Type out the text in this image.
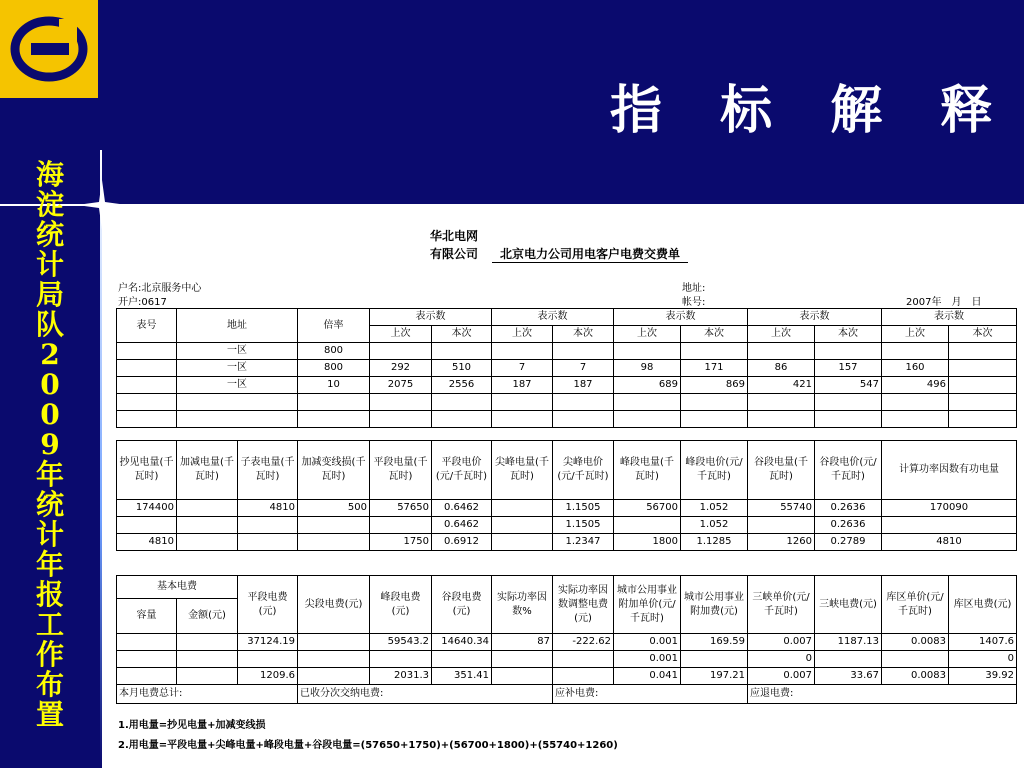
指 标 解 释
海
淀
统
计
局
队
2
0
0
9
年
统
计
年
报
工
作
布
置
华北电网
有限公司	北京电力公司用电客户电费交费单
户名:北京服务中心
开户:0617
地址:
帐号:	2007年　月　日
表号	地址	倍率	表示数		表示数		表示数		表示数		表示数	
			上次	本次	上次	本次	上次	本次	上次	本次	上次	本次
	一区	800										
	一区	800	292	510	7	7	98	171	86	157	160	
	一区	10	2075	2556	187	187	689	869	421	547	496	

抄见电量(千瓦时)	加减电量(千瓦时)	子表电量(千瓦时)	加减变线损(千瓦时)	平段电量(千瓦时)	平段电价(元/千瓦时)	尖峰电量(千瓦时)	尖峰电价(元/千瓦时)	峰段电量(千瓦时)	峰段电价(元/千瓦时)	谷段电量(千瓦时)	谷段电价(元/千瓦时)	计算功率因数有功电量
174400		4810	500	57650	0.6462		1.1505	56700	1.052	55740	0.2636	170090
					0.6462		1.1505		1.052		0.2636	
4810				1750	0.6912		1.2347	1800	1.1285	1260	0.2789	4810
基本电费		平段电费(元)	尖段电费(元)	峰段电费(元)	谷段电费(元)	实际功率因数%	实际功率因数调整电费(元)	城市公用事业附加单价(元/千瓦时)	城市公用事业附加费(元)	三峡单价(元/千瓦时)	三峡电费(元)	库区单价(元/千瓦时)	库区电费(元)
容量	金额(元)												
		37124.19		59543.2	14640.34	87	-222.62	0.001	169.59	0.007	1187.13	0.0083	1407.6
								0.001		0			0
		1209.6		2031.3	351.41			0.041	197.21	0.007	33.67	0.0083	39.92
本月电费总计:			已收分次交纳电费:				应补电费:			应退电费:			
1.用电量=抄见电量+加减变线损
2.用电量=平段电量+尖峰电量+峰段电量+谷段电量=(57650+1750)+(56700+1800)+(55740+1260)
